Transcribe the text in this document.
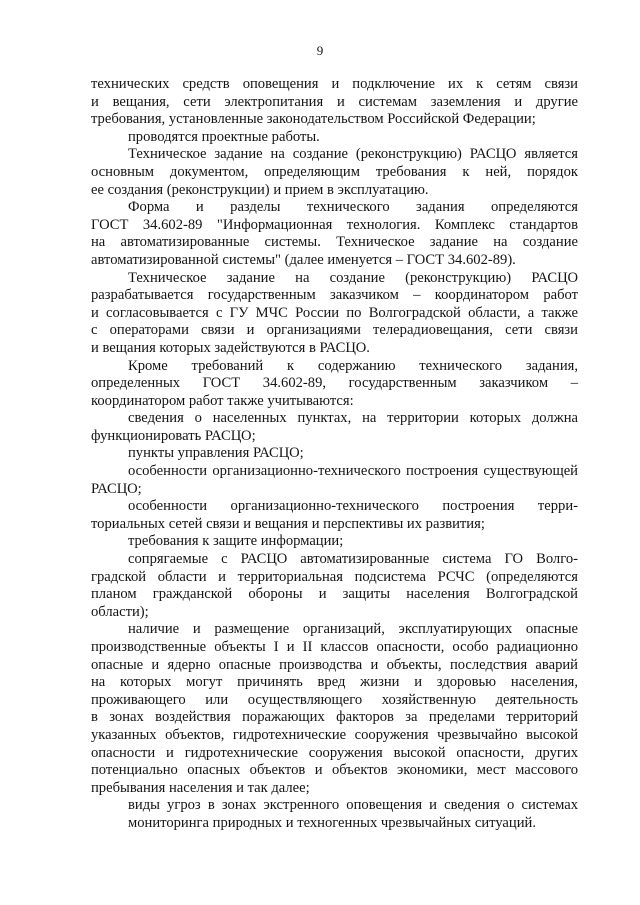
9
технических средств оповещения и подключение их к сетям связи
и вещания, сети электропитания и системам заземления и другие
требования, установленные законодательством Российской Федерации;
проводятся проектные работы.
Техническое задание на создание (реконструкцию) РАСЦО является
основным документом, определяющим требования к ней, порядок
ее создания (реконструкции) и прием в эксплуатацию.
Форма и разделы технического задания определяются
ГОСТ 34.602-89 "Информационная технология. Комплекс стандартов
на автоматизированные системы. Техническое задание на создание
автоматизированной системы" (далее именуется – ГОСТ 34.602-89).
Техническое задание на создание (реконструкцию) РАСЦО
разрабатывается государственным заказчиком – координатором работ
и согласовывается с ГУ МЧС России по Волгоградской области, а также
с операторами связи и организациями телерадиовещания, сети связи
и вещания которых задействуются в РАСЦО.
Кроме требований к содержанию технического задания,
определенных ГОСТ 34.602-89, государственным заказчиком –
координатором работ также учитываются:
сведения о населенных пунктах, на территории которых должна
функционировать РАСЦО;
пункты управления РАСЦО;
особенности организационно-технического построения существующей
РАСЦО;
особенности организационно-технического построения терри-
ториальных сетей связи и вещания и перспективы их развития;
требования к защите информации;
сопрягаемые с РАСЦО автоматизированные система ГО Волго-
градской области и территориальная подсистема РСЧС (определяются
планом гражданской обороны и защиты населения Волгоградской
области);
наличие и размещение организаций, эксплуатирующих опасные
производственные объекты I и II классов опасности, особо радиационно
опасные и ядерно опасные производства и объекты, последствия аварий
на которых могут причинять вред жизни и здоровью населения,
проживающего или осуществляющего хозяйственную деятельность
в зонах воздействия поражающих факторов за пределами территорий
указанных объектов, гидротехнические сооружения чрезвычайно высокой
опасности и гидротехнические сооружения высокой опасности, других
потенциально опасных объектов и объектов экономики, мест массового
пребывания населения и так далее;
виды угроз в зонах экстренного оповещения и сведения о системах
мониторинга природных и техногенных чрезвычайных ситуаций.
